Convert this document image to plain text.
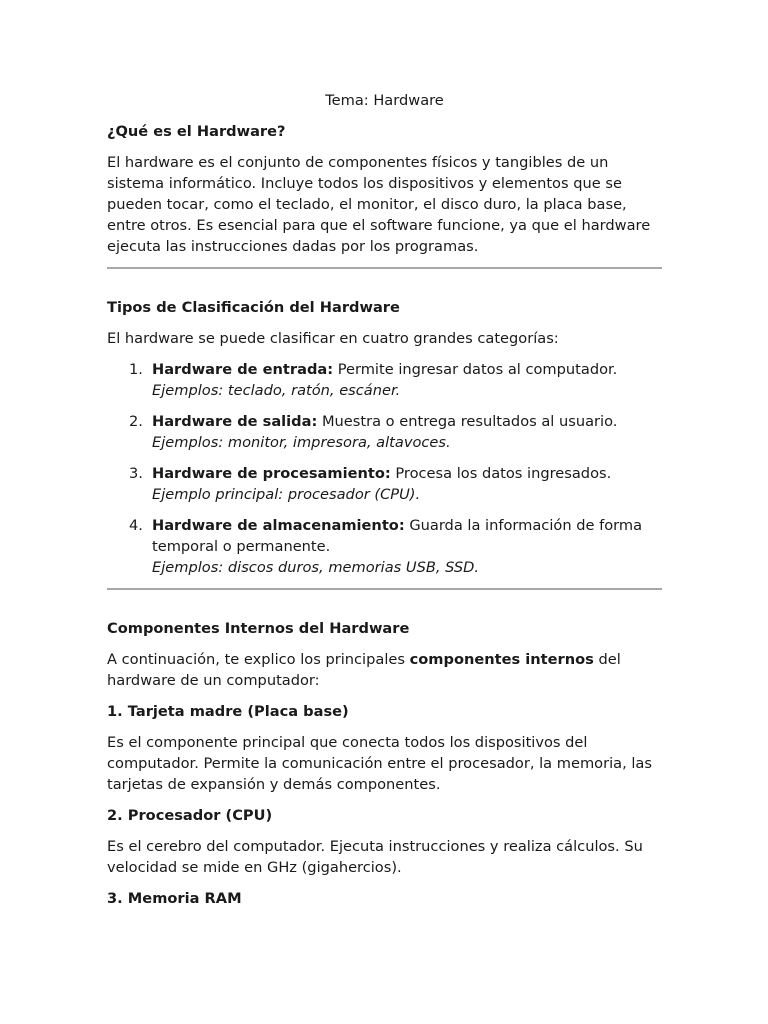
Tema: Hardware
¿Qué es el Hardware?

El hardware es el conjunto de componentes físicos y tangibles de un sistema informático. Incluye todos los dispositivos y elementos que se pueden tocar, como el teclado, el monitor, el disco duro, la placa base, entre otros. Es esencial para que el software funcione, ya que el hardware ejecuta las instrucciones dadas por los programas.

Tipos de Clasificación del Hardware

El hardware se puede clasificar en cuatro grandes categorías:

1. Hardware de entrada: Permite ingresar datos al computador.
Ejemplos: teclado, ratón, escáner.
2. Hardware de salida: Muestra o entrega resultados al usuario.
Ejemplos: monitor, impresora, altavoces.
3. Hardware de procesamiento: Procesa los datos ingresados.
Ejemplo principal: procesador (CPU).
4. Hardware de almacenamiento: Guarda la información de forma temporal o permanente.
Ejemplos: discos duros, memorias USB, SSD.
Componentes Internos del Hardware

A continuación, te explico los principales componentes internos del hardware de un computador:

1. Tarjeta madre (Placa base)

Es el componente principal que conecta todos los dispositivos del computador. Permite la comunicación entre el procesador, la memoria, las tarjetas de expansión y demás componentes.

2. Procesador (CPU)

Es el cerebro del computador. Ejecuta instrucciones y realiza cálculos. Su velocidad se mide en GHz (gigahercios).

3. Memoria RAM
